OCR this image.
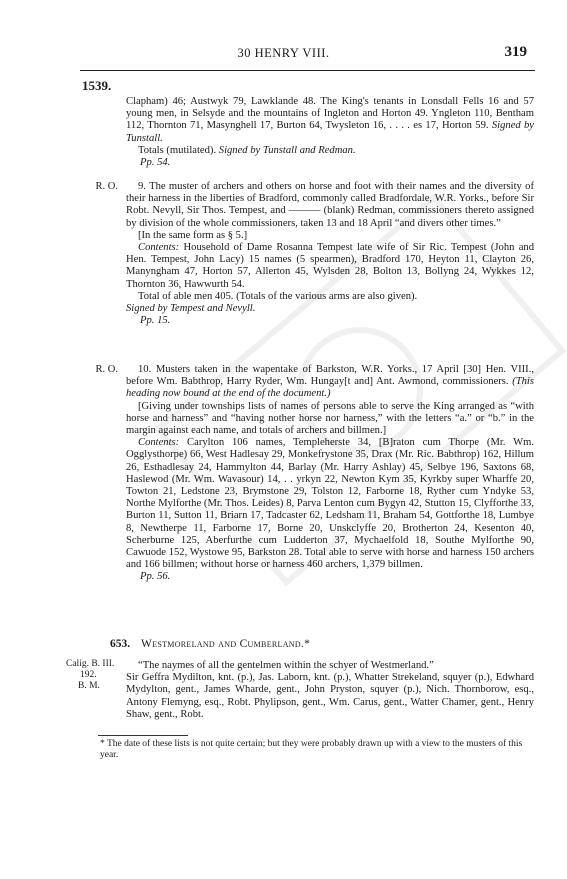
30 HENRY VIII.	319
1539.

Clapham) 46; Austwyk 79, Lawklande 48. The King's tenants in Lonsdall Fells 16 and 57 young men, in Selsyde and the mountains of Ingleton and Horton 49. Yngleton 110, Bentham 112, Thornton 71, Masynghell 17, Burton 64, Twysleton 16, . . . . es 17, Horton 59. Signed by Tunstall.

Totals (mutilated). Signed by Tunstall and Redman.

Pp. 54.

R. O.	9. The muster of archers and others on horse and foot with their names and the diversity of their harness in the liberties of Bradford, commonly called Bradfordale, W.R. Yorks., before Sir Robt. Nevyll, Sir Thos. Tempest, and ——— (blank) Redman, commissioners thereto assigned by division of the whole commissioners, taken 13 and 18 April “and divers other times.”

[In the same form as § 5.]

Contents: Household of Dame Rosanna Tempest late wife of Sir Ric. Tempest (John and Hen. Tempest, John Lacy) 15 names (5 spearmen), Bradford 170, Heyton 11, Clayton 26, Manyngham 47, Horton 57, Allerton 45, Wylsden 28, Bolton 13, Bollyng 24, Wykkes 12, Thornton 36, Hawwurth 54.

Total of able men 405. (Totals of the various arms are also given).

Signed by Tempest and Nevyll.

Pp. 15.

R. O.	10. Musters taken in the wapentake of Barkston, W.R. Yorks., 17 April [30] Hen. VIII., before Wm. Babthrop, Harry Ryder, Wm. Hungay[t and] Ant. Awmond, commissioners. (This heading now bound at the end of the document.)

[Giving under townships lists of names of persons able to serve the King arranged as “with horse and harness” and “having nother horse nor harness,” with the letters “a.” or “b.” in the margin against each name, and totals of archers and billmen.]

Contents: Carylton 106 names, Templeherste 34, [B]raton cum Thorpe (Mr. Wm. Ogglysthorpe) 66, West Hadlesay 29, Monkefrystone 35, Drax (Mr. Ric. Babthrop) 162, Hillum 26, Esthadlesay 24, Hammylton 44, Barlay (Mr. Harry Ashlay) 45, Selbye 196, Saxtons 68, Haslewod (Mr. Wm. Wavasour) 14, . . yrkyn 22, Newton Kym 35, Kyrkby super Wharffe 20, Towton 21, Ledstone 23, Brymstone 29, Tolston 12, Farborne 18, Ryther cum Yndyke 53, Northe Mylforthe (Mr. Thos. Leides) 8, Parva Lenton cum Bygyn 42, Stutton 15, Clyfforthe 33, Burton 11, Sutton 11, Briarn 17, Tadcaster 62, Ledsham 11, Braham 54, Gottforthe 18, Lumbye 8, Newtherpe 11, Farborne 17, Borne 20, Unskclyffe 20, Brotherton 24, Kesenton 40, Scherburne 125, Aberfurthe cum Ludderton 37, Mychaelfold 18, Southe Mylforthe 90, Cawuode 152, Wystowe 95, Barkston 28. Total able to serve with horse and harness 150 archers and 166 billmen; without horse or harness 460 archers, 1,379 billmen.

Pp. 56.

653. Westmoreland and Cumberland.*
Calig. B. III.
192.
B. M.

“The naymes of all the gentelmen within the schyer of Westmerland.”

Sir Geffra Mydilton, knt. (p.), Jas. Laborn, knt. (p.), Whatter Strekeland, squyer (p.), Edwhard Mydylton, gent., James Wharde, gent., John Pryston, squyer (p.), Nich. Thornborow, esq., Antony Flemyng, esq., Robt. Phylipson, gent., Wm. Carus, gent., Watter Chamer, gent., Henry Shaw, gent., Robt.

* The date of these lists is not quite certain; but they were probably drawn up with a view to the musters of this year.
